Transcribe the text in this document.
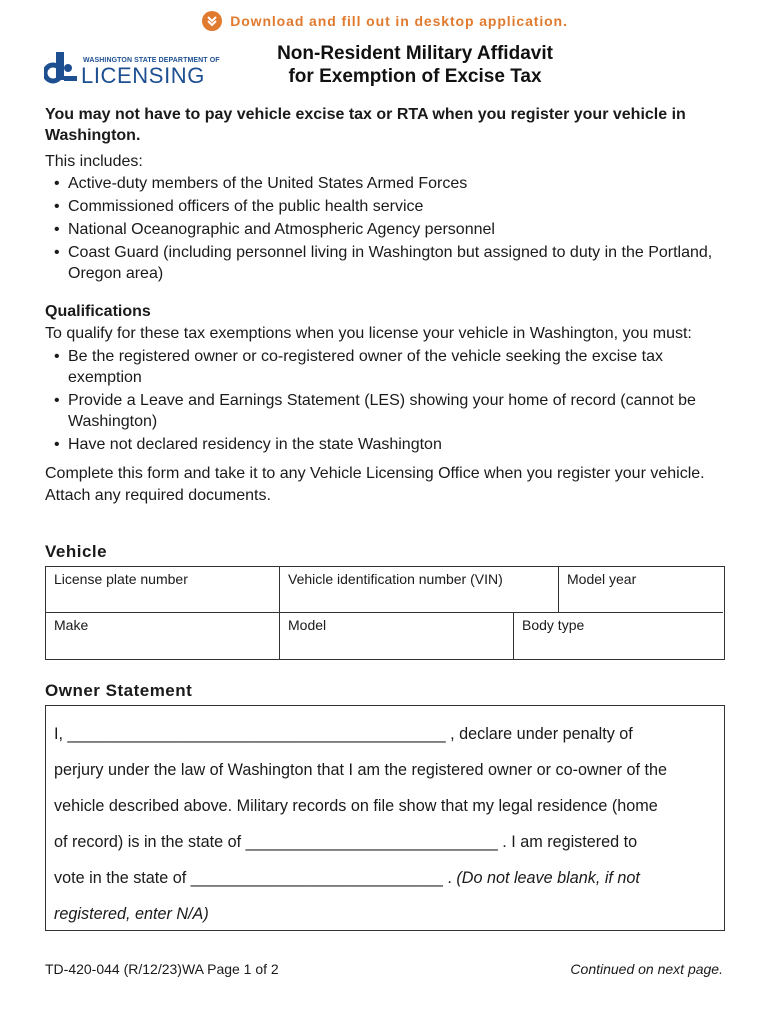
Download and fill out in desktop application.
WASHINGTON STATE DEPARTMENT OF
LICENSING
Non-Resident Military Affidavit
for Exemption of Excise Tax
You may not have to pay vehicle excise tax or RTA when you register your vehicle in Washington.

This includes:

• Active-duty members of the United States Armed Forces
• Commissioned officers of the public health service
• National Oceanographic and Atmospheric Agency personnel
• Coast Guard (including personnel living in Washington but assigned to duty in the Portland, Oregon area)

Qualifications

To qualify for these tax exemptions when you license your vehicle in Washington, you must:

• Be the registered owner or co-registered owner of the vehicle seeking the excise tax exemption
• Provide a Leave and Earnings Statement (LES) showing your home of record (cannot be Washington)
• Have not declared residency in the state Washington

Complete this form and take it to any Vehicle Licensing Office when you register your vehicle. Attach any required documents.

Vehicle
License plate number	Vehicle identification number (VIN)	Model year
Make	Model	Body type
Owner Statement
I, __________________________________________ , declare under penalty of
perjury under the law of Washington that I am the registered owner or co-owner of the
vehicle described above. Military records on file show that my legal residence (home
of record) is in the state of ____________________________ . I am registered to
vote in the state of ____________________________ . (Do not leave blank, if not
registered, enter N/A)
TD-420-044 (R/12/23)WA Page 1 of 2	Continued on next page.
